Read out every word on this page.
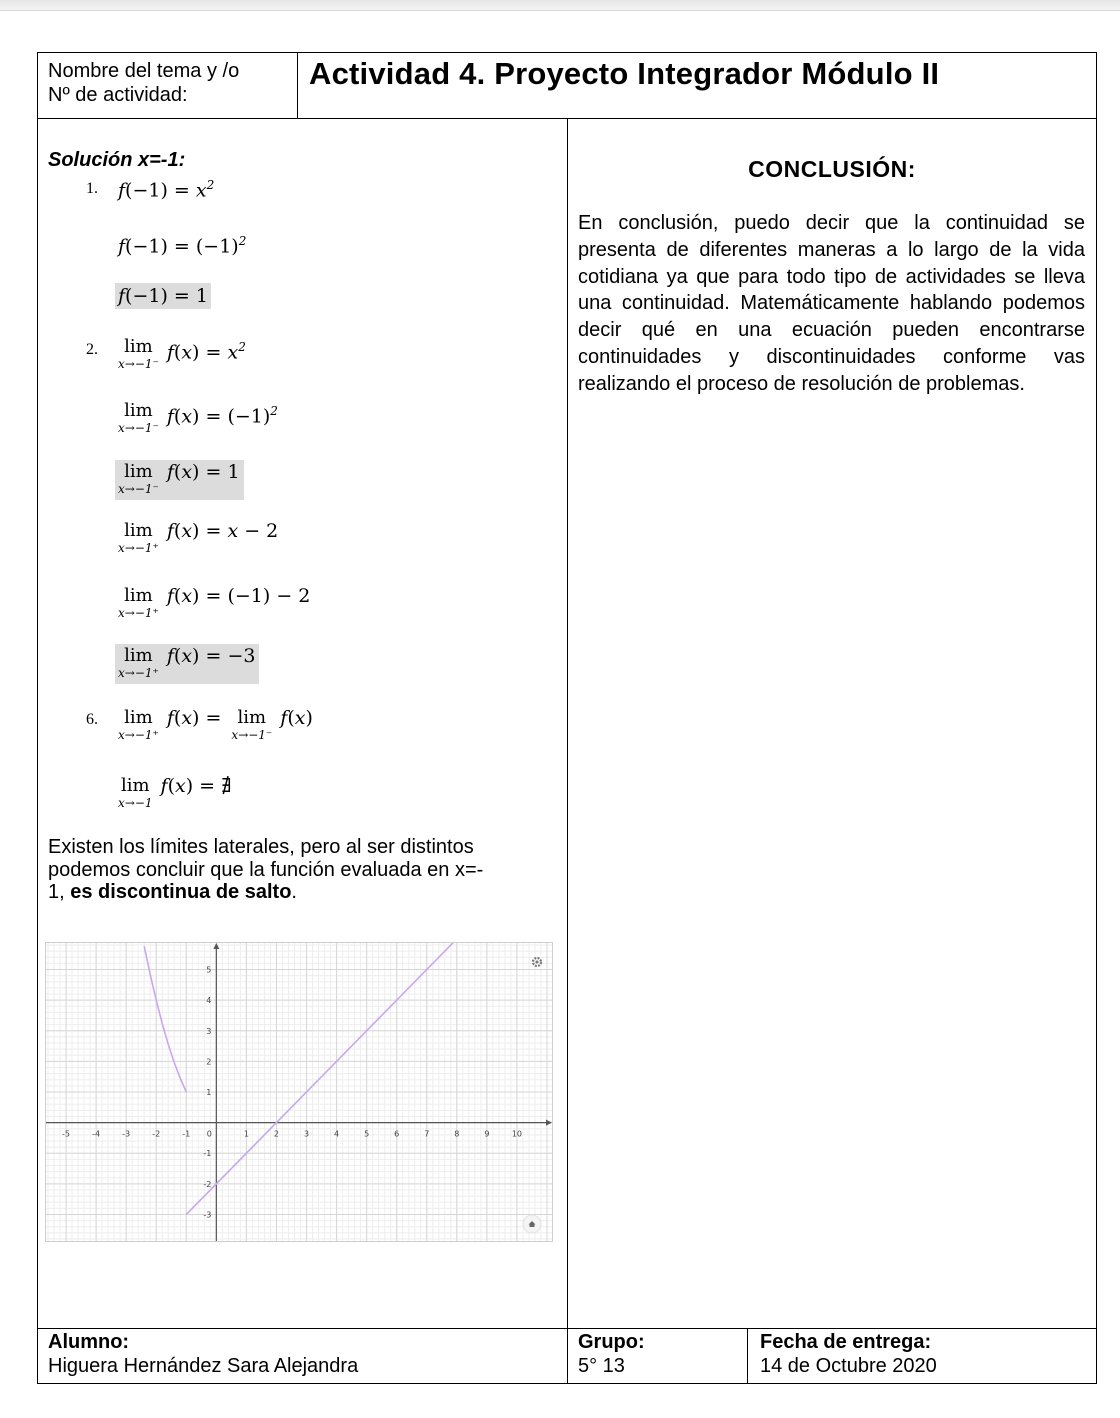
Nombre del tema y /o
Nº de actividad:
Actividad 4. Proyecto Integrador Módulo II
Solución x=-1:
1. $f(-1) = x^2$
$f(-1) = (-1)^2$
f(−1) = 1
2.	lim
x→−1⁻
$f(x) = x^2$
lim
x→−1⁻
$f(x) = (-1)^2$
lim
x→−1⁻
f(x) = 1
lim
x→−1⁺
f(x) = x − 2
lim
x→−1⁺
f(x) = (−1) − 2
lim
x→−1⁺
f(x) = −3
6.	lim
x→−1⁺
f(x) = lim
x→−1⁻
f(x)
lim
x→−1
f(x) = ∄
Existen los límites laterales, pero al ser distintos
podemos concluir que la función evaluada en x=-
1, es discontinua de salto.
-5	-4	-3	-2	-1 0	1	2	3	4	5	6	7	8	9	10
-3
-2
-1
1
2
3
4
5
CONCLUSIÓN:
En conclusión, puedo decir que la continuidad se presenta de diferentes maneras a lo largo de la vida cotidiana ya que para todo tipo de actividades se lleva una continuidad. Matemáticamente hablando podemos decir qué en una ecuación pueden encontrarse continuidades y discontinuidades conforme vas realizando el proceso de resolución de problemas.
Alumno:
Higuera Hernández Sara Alejandra
Grupo:
5° 13
Fecha de entrega:
14 de Octubre 2020
